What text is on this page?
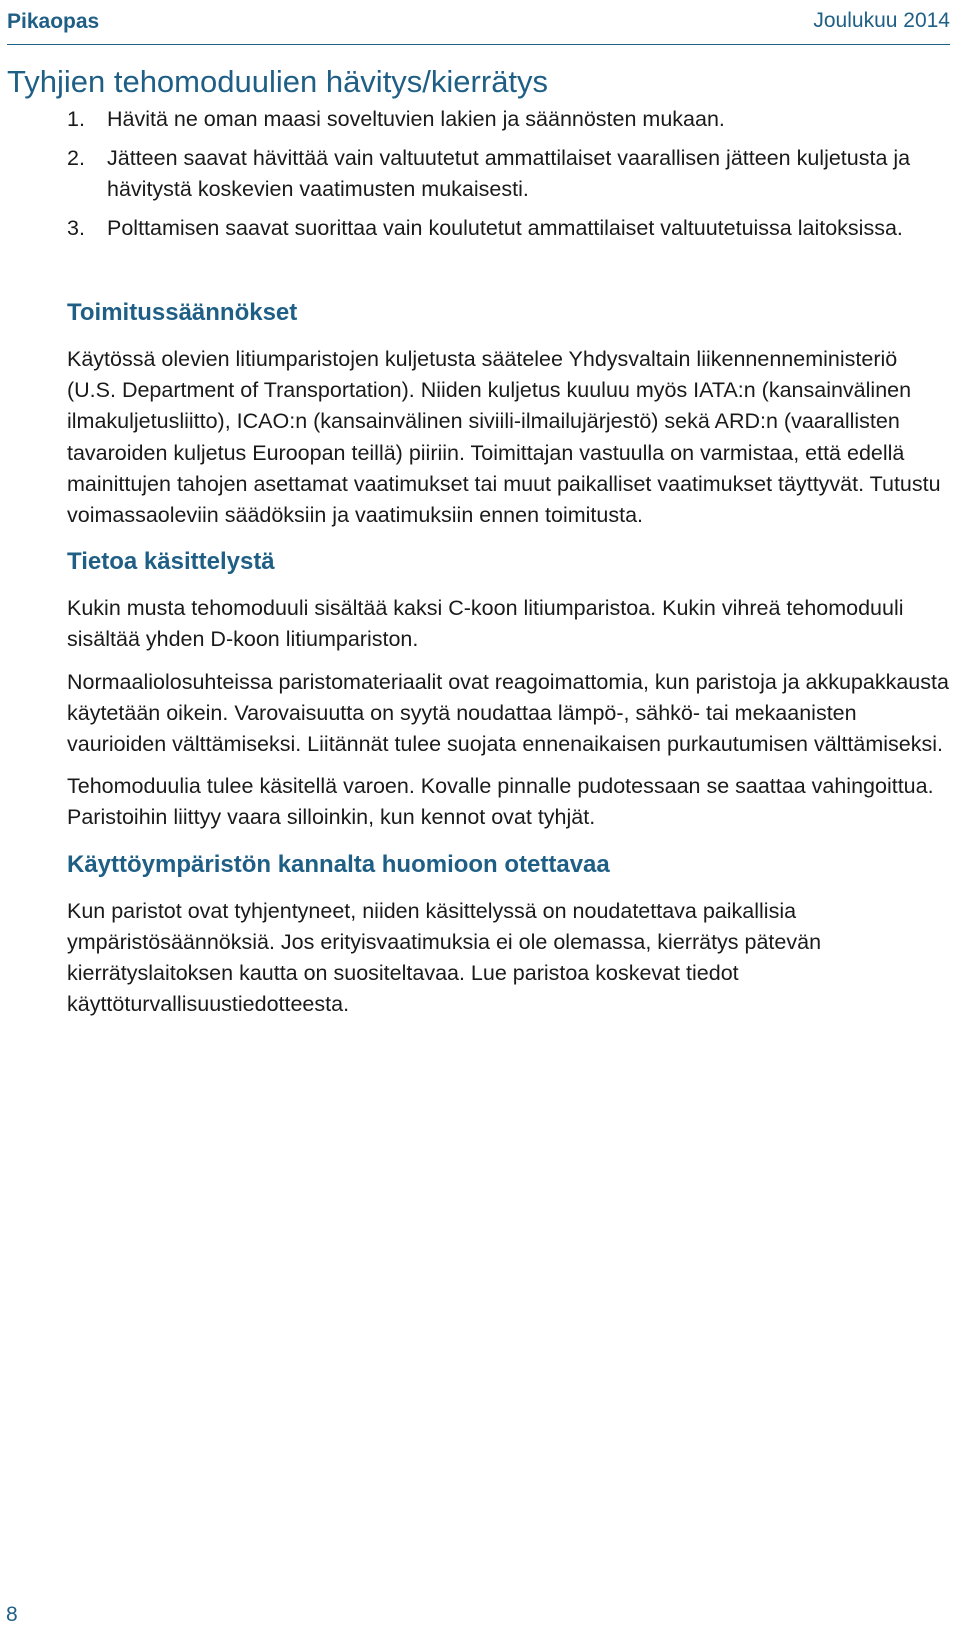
Pikaopas	Joulukuu 2014
Tyhjien tehomoduulien hävitys/kierrätys
1. Hävitä ne oman maasi soveltuvien lakien ja säännösten mukaan.
2. Jätteen saavat hävittää vain valtuutetut ammattilaiset vaarallisen jätteen kuljetusta ja hävitystä koskevien vaatimusten mukaisesti.
3. Polttamisen saavat suorittaa vain koulutetut ammattilaiset valtuutetuissa laitoksissa.
Toimitussäännökset

Käytössä olevien litiumparistojen kuljetusta säätelee Yhdysvaltain liikennenneministeriö (U.S. Department of Transportation). Niiden kuljetus kuuluu myös IATA:n (kansainvälinen ilmakuljetusliitto), ICAO:n (kansainvälinen siviili-ilmailujärjestö) sekä ARD:n (vaarallisten tavaroiden kuljetus Euroopan teillä) piiriin. Toimittajan vastuulla on varmistaa, että edellä mainittujen tahojen asettamat vaatimukset tai muut paikalliset vaatimukset täyttyvät. Tutustu voimassaoleviin säädöksiin ja vaatimuksiin ennen toimitusta.

Tietoa käsittelystä

Kukin musta tehomoduuli sisältää kaksi C-koon litiumparistoa. Kukin vihreä tehomoduuli sisältää yhden D-koon litiumpariston.

Normaaliolosuhteissa paristomateriaalit ovat reagoimattomia, kun paristoja ja akkupakkausta käytetään oikein. Varovaisuutta on syytä noudattaa lämpö-, sähkö- tai mekaanisten vaurioiden välttämiseksi. Liitännät tulee suojata ennenaikaisen purkautumisen välttämiseksi.

Tehomoduulia tulee käsitellä varoen. Kovalle pinnalle pudotessaan se saattaa vahingoittua. Paristoihin liittyy vaara silloinkin, kun kennot ovat tyhjät.

Käyttöympäristön kannalta huomioon otettavaa

Kun paristot ovat tyhjentyneet, niiden käsittelyssä on noudatettava paikallisia ympäristösäännöksiä. Jos erityisvaatimuksia ei ole olemassa, kierrätys pätevän kierrätyslaitoksen kautta on suositeltavaa. Lue paristoa koskevat tiedot käyttöturvallisuustiedotteesta.

8
